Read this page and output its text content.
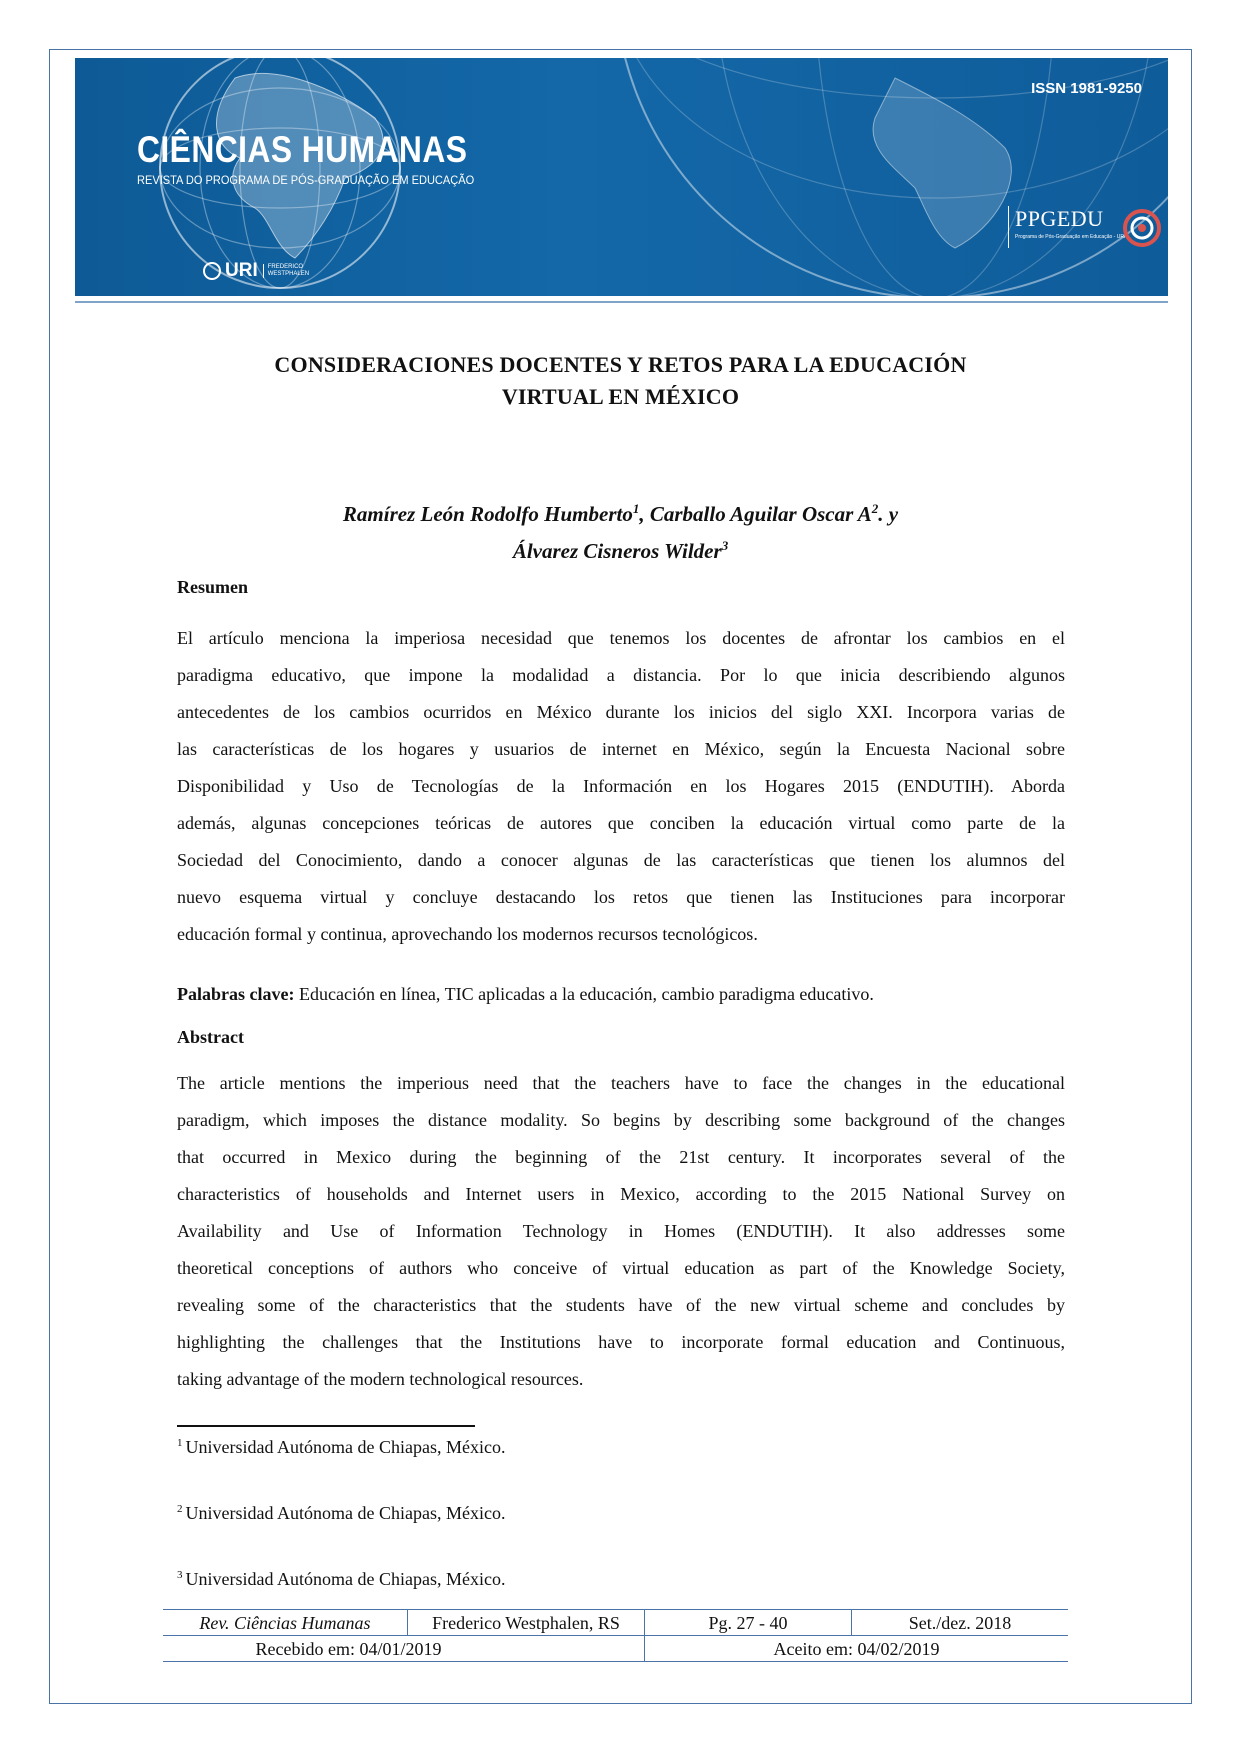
CIÊNCIAS HUMANAS
REVISTA DO PROGRAMA DE PÓS-GRADUAÇÃO EM EDUCAÇÃO
ISSN 1981-9250
URI	FREDERICO
WESTPHALEN
PPGEDU
Programa de Pós-Graduação em Educação - URI
CONSIDERACIONES DOCENTES Y RETOS PARA LA EDUCACIÓN
VIRTUAL EN MÉXICO
Ramírez León Rodolfo Humberto$^1$, Carballo Aguilar Oscar $A^2$. y
Álvarez Cisneros Wilder$^3$
Resumen

El artículo menciona la imperiosa necesidad que tenemos los docentes de afrontar los cambios en el

paradigma educativo, que impone la modalidad a distancia. Por lo que inicia describiendo algunos

antecedentes de los cambios ocurridos en México durante los inicios del siglo XXI. Incorpora varias de

las características de los hogares y usuarios de internet en México, según la Encuesta Nacional sobre

Disponibilidad y Uso de Tecnologías de la Información en los Hogares 2015 (ENDUTIH). Aborda

además, algunas concepciones teóricas de autores que conciben la educación virtual como parte de la

Sociedad del Conocimiento, dando a conocer algunas de las características que tienen los alumnos del

nuevo esquema virtual y concluye destacando los retos que tienen las Instituciones para incorporar

educación formal y continua, aprovechando los modernos recursos tecnológicos.

Palabras clave: Educación en línea, TIC aplicadas a la educación, cambio paradigma educativo.
Abstract

The article mentions the imperious need that the teachers have to face the changes in the educational

paradigm, which imposes the distance modality. So begins by describing some background of the changes

that occurred in Mexico during the beginning of the 21st century. It incorporates several of the

characteristics of households and Internet users in Mexico, according to the 2015 National Survey on

Availability and Use of Information Technology in Homes (ENDUTIH). It also addresses some

theoretical conceptions of authors who conceive of virtual education as part of the Knowledge Society,

revealing some of the characteristics that the students have of the new virtual scheme and concludes by

highlighting the challenges that the Institutions have to incorporate formal education and Continuous,

taking advantage of the modern technological resources.

$^1$ Universidad Autónoma de Chiapas, México.
$^2$ Universidad Autónoma de Chiapas, México.
$^3$ Universidad Autónoma de Chiapas, México.
Rev. Ciências Humanas	Frederico Westphalen, RS	Pg. 27 - 40	Set./dez. 2018
Recebido em: 04/01/2019		Aceito em: 04/02/2019	
